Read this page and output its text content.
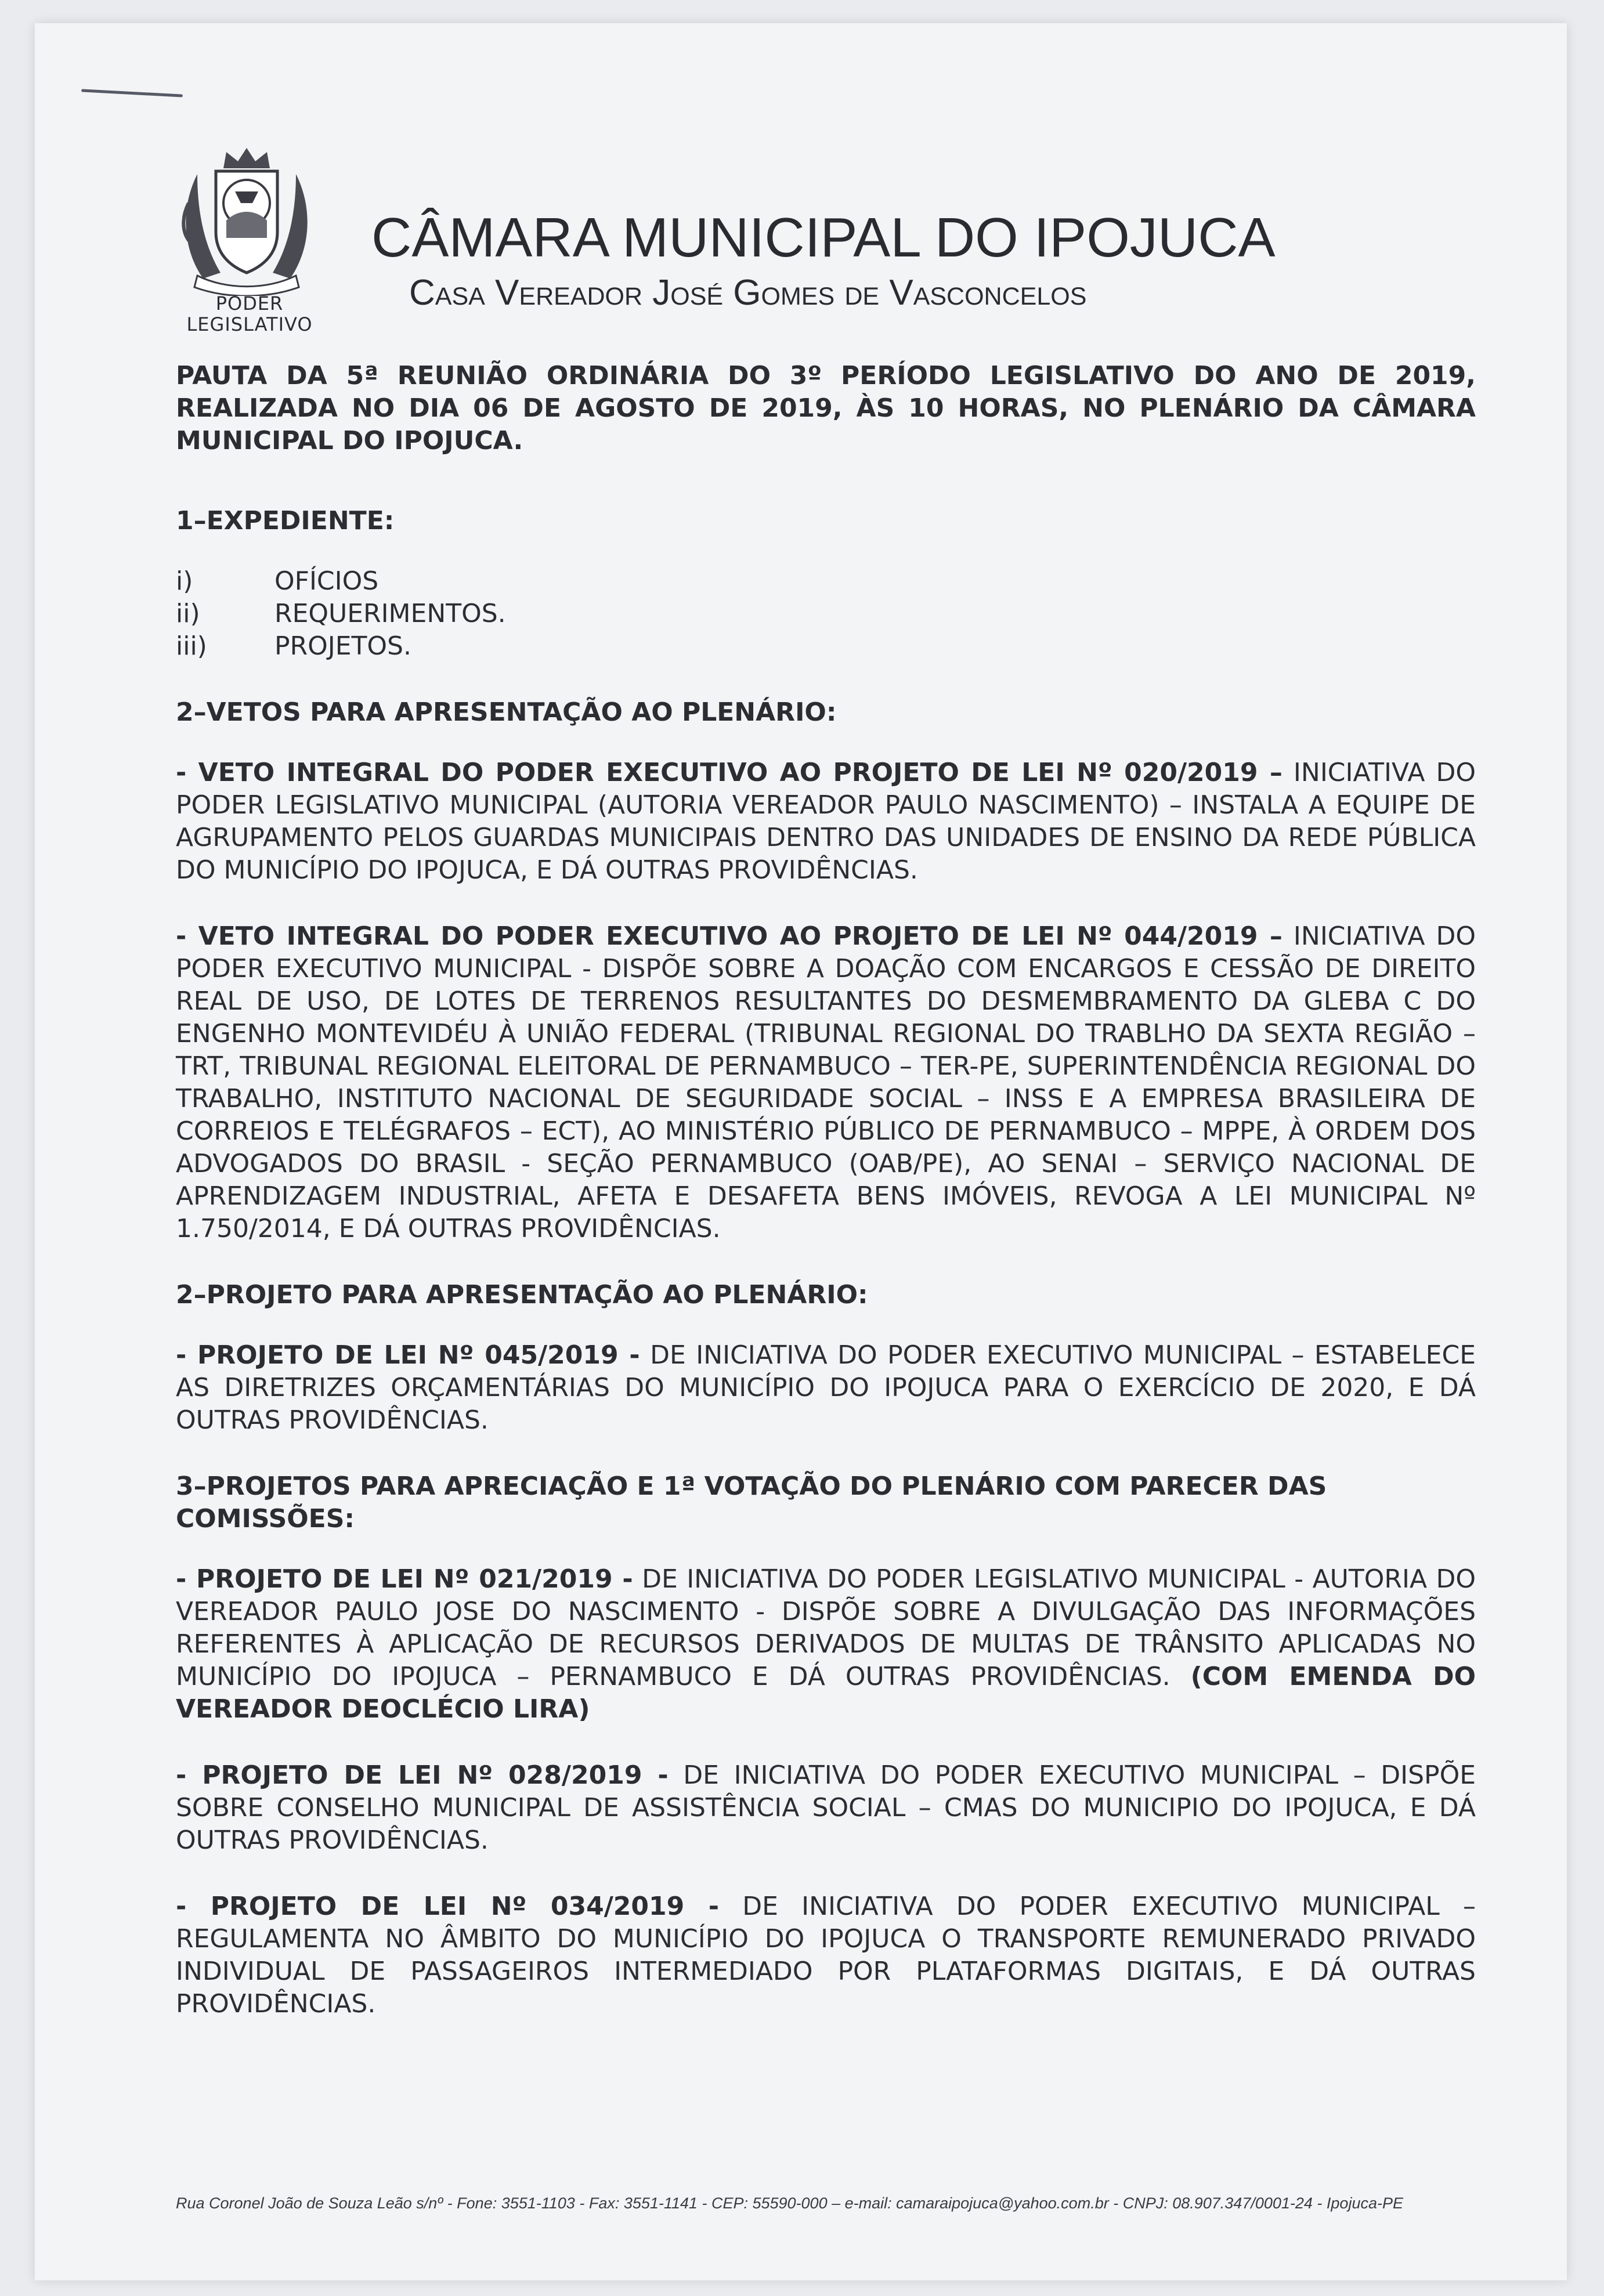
PODER
LEGISLATIVO
CÂMARA MUNICIPAL DO IPOJUCA
Casa Vereador José Gomes de Vasconcelos

PAUTA DA 5ª REUNIÃO ORDINÁRIA DO 3º PERÍODO LEGISLATIVO DO ANO DE 2019, REALIZADA NO DIA 06 DE AGOSTO DE 2019, ÀS 10 HORAS, NO PLENÁRIO DA CÂMARA MUNICIPAL DO IPOJUCA.

1–EXPEDIENTE:

i)	OFÍCIOS
ii)	REQUERIMENTOS.
iii)	PROJETOS.

2–VETOS PARA APRESENTAÇÃO AO PLENÁRIO:

- VETO INTEGRAL DO PODER EXECUTIVO AO PROJETO DE LEI Nº 020/2019 – INICIATIVA DO PODER LEGISLATIVO MUNICIPAL (AUTORIA VEREADOR PAULO NASCIMENTO) – INSTALA A EQUIPE DE AGRUPAMENTO PELOS GUARDAS MUNICIPAIS DENTRO DAS UNIDADES DE ENSINO DA REDE PÚBLICA DO MUNICÍPIO DO IPOJUCA, E DÁ OUTRAS PROVIDÊNCIAS.

- VETO INTEGRAL DO PODER EXECUTIVO AO PROJETO DE LEI Nº 044/2019 – INICIATIVA DO PODER EXECUTIVO MUNICIPAL - DISPÕE SOBRE A DOAÇÃO COM ENCARGOS E CESSÃO DE DIREITO REAL DE USO, DE LOTES DE TERRENOS RESULTANTES DO DESMEMBRAMENTO DA GLEBA C DO ENGENHO MONTEVIDÉU À UNIÃO FEDERAL (TRIBUNAL REGIONAL DO TRABLHO DA SEXTA REGIÃO – TRT, TRIBUNAL REGIONAL ELEITORAL DE PERNAMBUCO – TER-PE, SUPERINTENDÊNCIA REGIONAL DO TRABALHO, INSTITUTO NACIONAL DE SEGURIDADE SOCIAL – INSS E A EMPRESA BRASILEIRA DE CORREIOS E TELÉGRAFOS – ECT), AO MINISTÉRIO PÚBLICO DE PERNAMBUCO – MPPE, À ORDEM DOS ADVOGADOS DO BRASIL - SEÇÃO PERNAMBUCO (OAB/PE), AO SENAI – SERVIÇO NACIONAL DE APRENDIZAGEM INDUSTRIAL, AFETA E DESAFETA BENS IMÓVEIS, REVOGA A LEI MUNICIPAL Nº 1.750/2014, E DÁ OUTRAS PROVIDÊNCIAS.

2–PROJETO PARA APRESENTAÇÃO AO PLENÁRIO:

- PROJETO DE LEI Nº 045/2019 - DE INICIATIVA DO PODER EXECUTIVO MUNICIPAL – ESTABELECE AS DIRETRIZES ORÇAMENTÁRIAS DO MUNICÍPIO DO IPOJUCA PARA O EXERCÍCIO DE 2020, E DÁ OUTRAS PROVIDÊNCIAS.

3–PROJETOS PARA APRECIAÇÃO E 1ª VOTAÇÃO DO PLENÁRIO COM PARECER DAS COMISSÕES:

- PROJETO DE LEI Nº 021/2019 - DE INICIATIVA DO PODER LEGISLATIVO MUNICIPAL - AUTORIA DO VEREADOR PAULO JOSE DO NASCIMENTO - DISPÕE SOBRE A DIVULGAÇÃO DAS INFORMAÇÕES REFERENTES À APLICAÇÃO DE RECURSOS DERIVADOS DE MULTAS DE TRÂNSITO APLICADAS NO MUNICÍPIO DO IPOJUCA – PERNAMBUCO E DÁ OUTRAS PROVIDÊNCIAS. (COM EMENDA DO VEREADOR DEOCLÉCIO LIRA)

- PROJETO DE LEI Nº 028/2019 - DE INICIATIVA DO PODER EXECUTIVO MUNICIPAL – DISPÕE SOBRE CONSELHO MUNICIPAL DE ASSISTÊNCIA SOCIAL – CMAS DO MUNICIPIO DO IPOJUCA, E DÁ OUTRAS PROVIDÊNCIAS.

- PROJETO DE LEI Nº 034/2019 - DE INICIATIVA DO PODER EXECUTIVO MUNICIPAL – REGULAMENTA NO ÂMBITO DO MUNICÍPIO DO IPOJUCA O TRANSPORTE REMUNERADO PRIVADO INDIVIDUAL DE PASSAGEIROS INTERMEDIADO POR PLATAFORMAS DIGITAIS, E DÁ OUTRAS PROVIDÊNCIAS.

Rua Coronel João de Souza Leão s/nº - Fone: 3551-1103 - Fax: 3551-1141 - CEP: 55590-000 – e-mail: camaraipojuca@yahoo.com.br - CNPJ: 08.907.347/0001-24 - Ipojuca-PE
